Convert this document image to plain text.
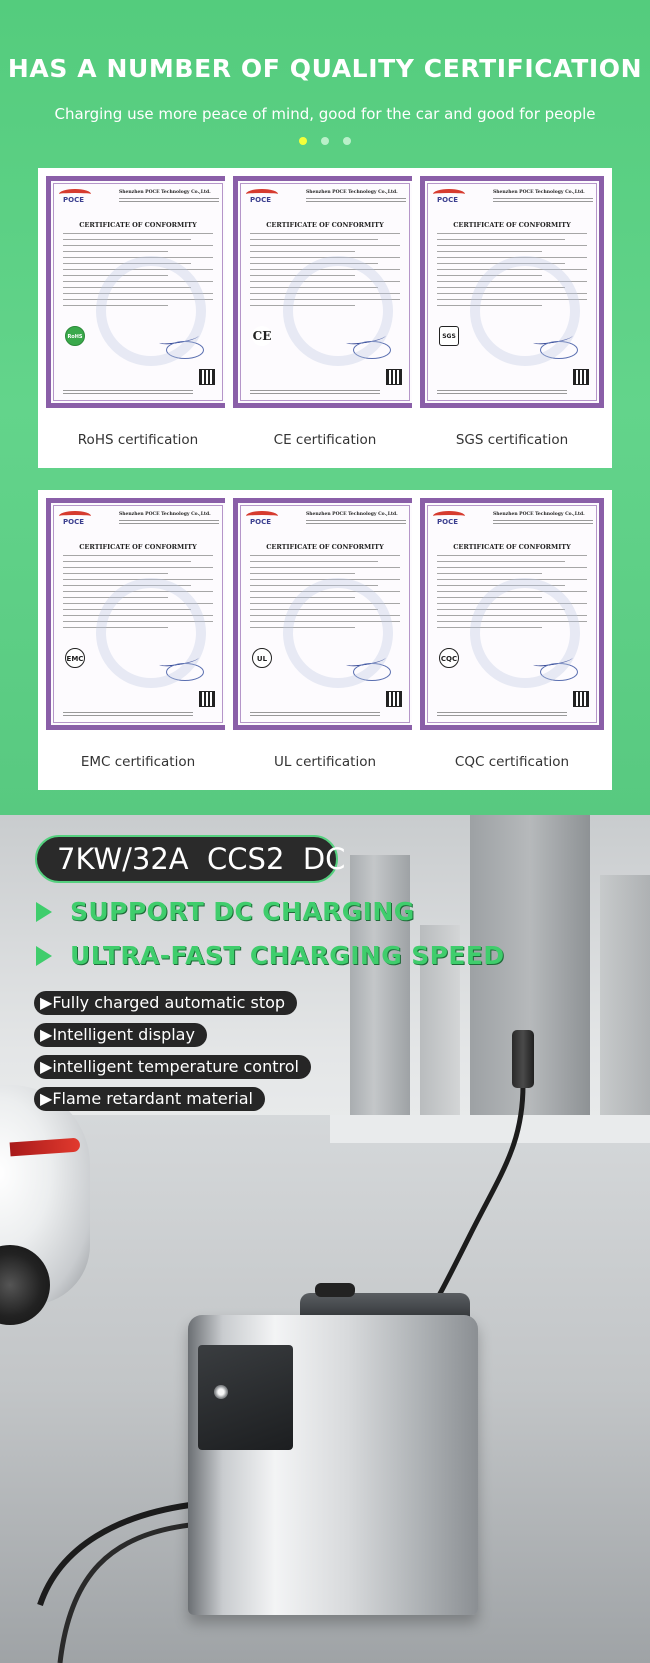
HAS A NUMBER OF QUALITY CERTIFICATION

Charging use more peace of mind, good for the car and good for people

POCE
Shenzhen POCE Technology Co.,Ltd.
CERTIFICATE OF CONFORMITY
RoHS
RoHS certification
POCE
Shenzhen POCE Technology Co.,Ltd.
CERTIFICATE OF CONFORMITY
CE
CE certification
POCE
Shenzhen POCE Technology Co.,Ltd.
CERTIFICATE OF CONFORMITY
SGS
SGS certification
POCE
Shenzhen POCE Technology Co.,Ltd.
CERTIFICATE OF CONFORMITY
EMC
EMC certification
POCE
Shenzhen POCE Technology Co.,Ltd.
CERTIFICATE OF CONFORMITY
UL
UL certification
POCE
Shenzhen POCE Technology Co.,Ltd.
CERTIFICATE OF CONFORMITY
CQC
CQC certification
7KW/32A  CCS2  DC
SUPPORT DC CHARGING
ULTRA-FAST CHARGING SPEED
▶Fully charged automatic stop
▶Intelligent display
▶intelligent temperature control
▶Flame retardant material
